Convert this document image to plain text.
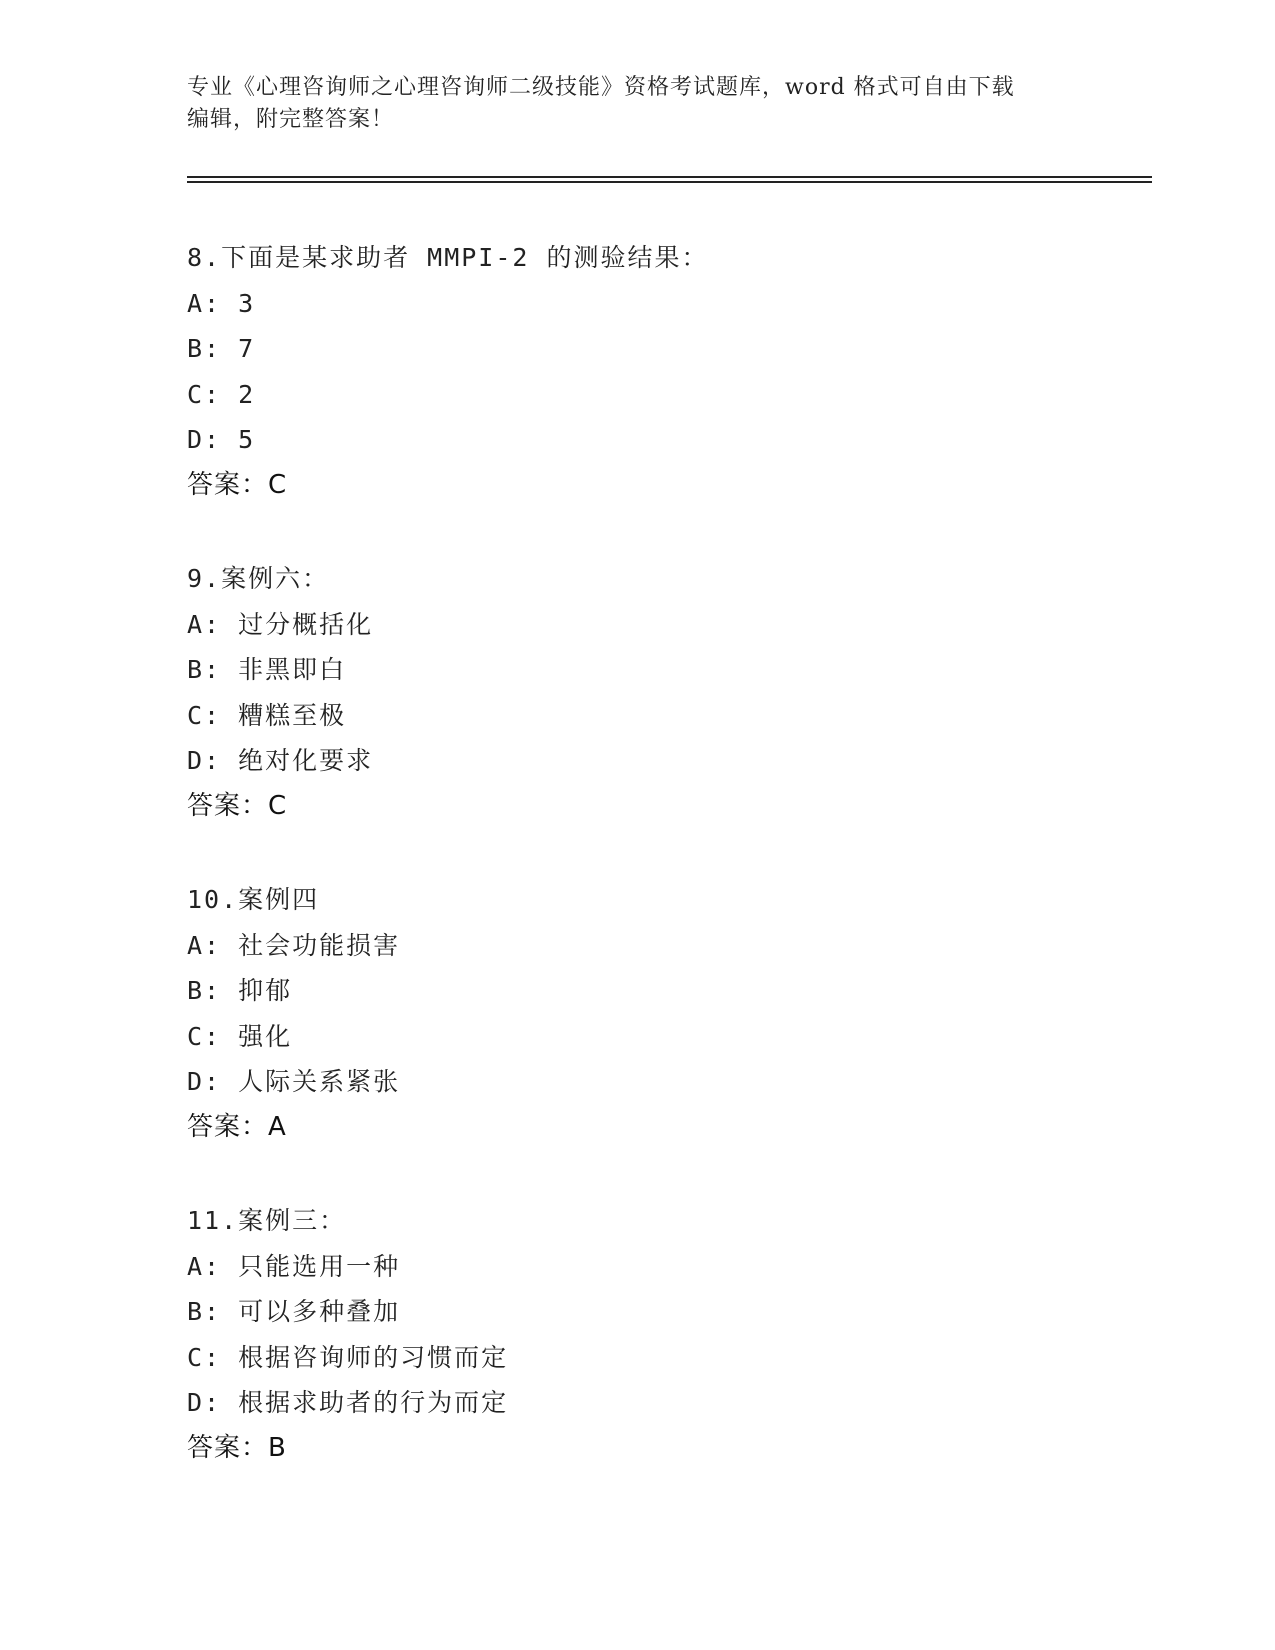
专业《心理咨询师之心理咨询师二级技能》资格考试题库，word 格式可自由下载
编辑，附完整答案！
8.下面是某求助者 MMPI-2 的测验结果：
A: 3
B: 7
C: 2
D: 5
答案：C
9.案例六：
A: 过分概括化
B: 非黑即白
C: 糟糕至极
D: 绝对化要求
答案：C
10.案例四
A: 社会功能损害
B: 抑郁
C: 强化
D: 人际关系紧张
答案：A
11.案例三：
A: 只能选用一种
B: 可以多种叠加
C: 根据咨询师的习惯而定
D: 根据求助者的行为而定
答案：B
